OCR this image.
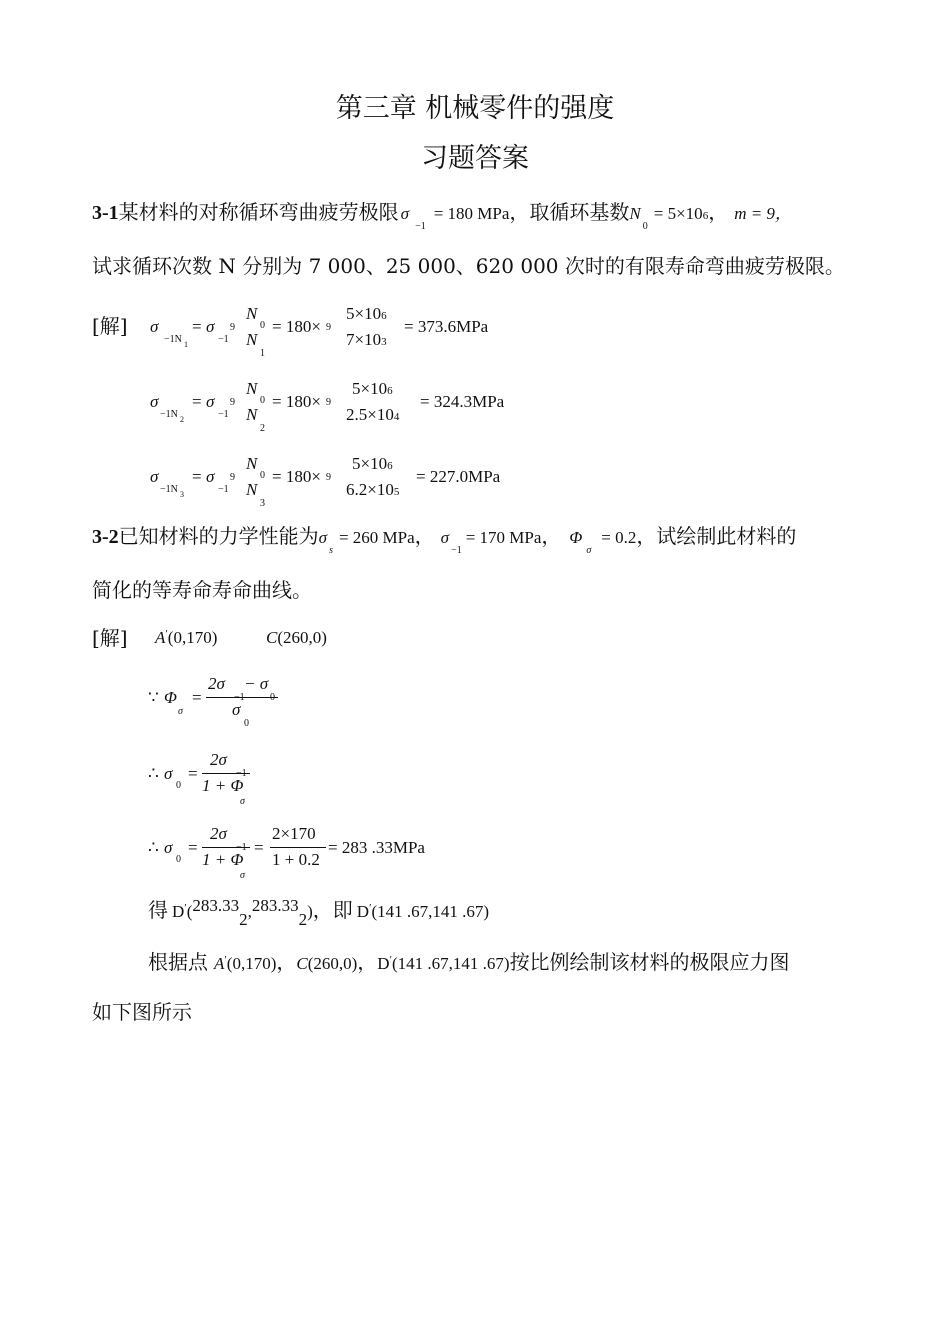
第三章 机械零件的强度
习题答案
3-1某材料的对称循环弯曲疲劳极限 $\sigma_{-1}= 180$ MPa，取循环基数$N_0= 5\times 106$， m = 9，
试求循环次数 N 分别为 7 000、25 000、620 000 次时的有限寿命弯曲疲劳极限。
[解] σ
−1N 1
= σ
−1
9
N
0
N
1
= 180× 9
5×106
7×103
= 373.6MPa
σ
−1N 2
= σ
−1
9
N
0
N
2
= 180× 9
5×106
2.5×104
= 324.3MPa
σ
−1N 3
= σ
−1
9
N
0
N
3
= 180× 9
5×106
6.2×105
= 227.0MPa
3-2已知材料的力学性能为$\sigma_s= 260$ MPa， $\sigma_{-1}= 170$ MPa， $\Phi_\sigma= 0.2$，试绘制此材料的
简化的等寿命寿命曲线。
[解] A′(0,170)	C(260,0)
∵ Φ
σ
=
2σ − σ
σ
0
∴ σ
0
=
2σ
1 + Φ
σ
∴ σ
0
=
2σ
1 + Φ
σ
=
2×170
1 + 0.2
= 283 .33MPa
得 D′($^{283.33}_2$,$^{283.33}_2$)，即 D′(141 .67,141 .67)
根据点 A′(0,170)，C(260,0)，D′(141 .67,141 .67)按比例绘制该材料的极限应力图
如下图所示
